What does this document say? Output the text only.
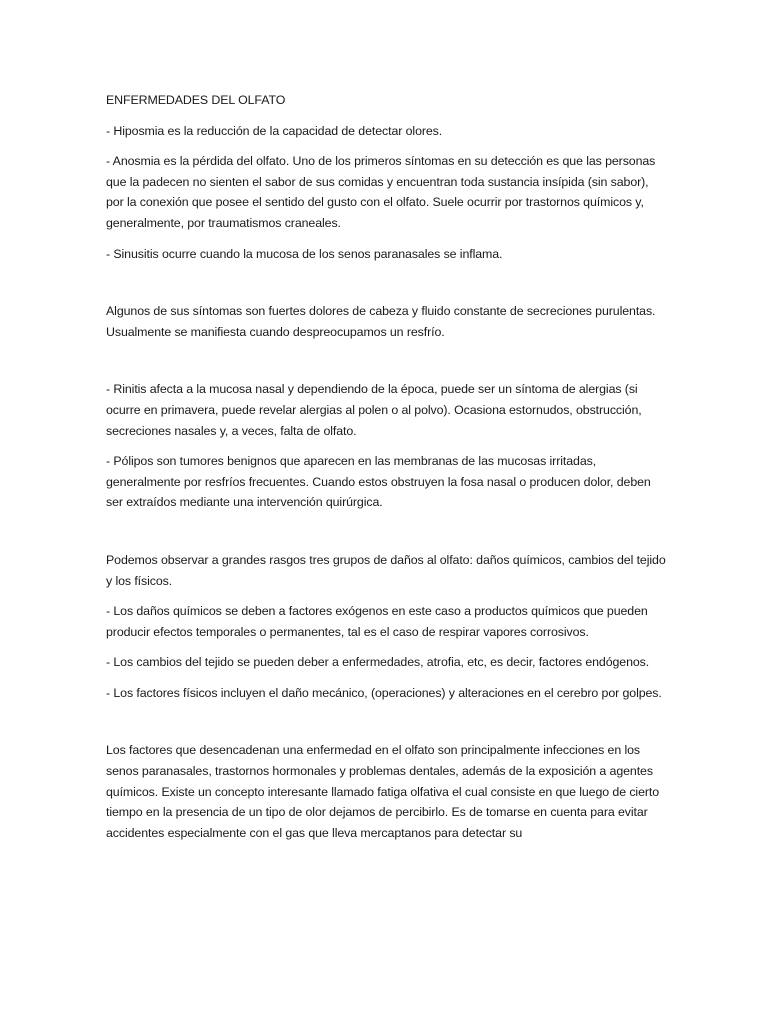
ENFERMEDADES DEL OLFATO

- Hiposmia es la reducción de la capacidad de detectar olores.

- Anosmia es la pérdida del olfato. Uno de los primeros síntomas en su detección es que las personas que la padecen no sienten el sabor de sus comidas y encuentran toda sustancia insípida (sin sabor), por la conexión que posee el sentido del gusto con el olfato. Suele ocurrir por trastornos químicos y, generalmente, por traumatismos craneales.

- Sinusitis ocurre cuando la mucosa de los senos paranasales se inflama.

Algunos de sus síntomas son fuertes dolores de cabeza y fluido constante de secreciones purulentas. Usualmente se manifiesta cuando despreocupamos un resfrío.

- Rinitis afecta a la mucosa nasal y dependiendo de la época, puede ser un síntoma de alergias (si ocurre en primavera, puede revelar alergias al polen o al polvo). Ocasiona estornudos, obstrucción, secreciones nasales y, a veces, falta de olfato.

- Pólipos son tumores benignos que aparecen en las membranas de las mucosas irritadas, generalmente por resfríos frecuentes. Cuando estos obstruyen la fosa nasal o producen dolor, deben ser extraídos mediante una intervención quirúrgica.

Podemos observar a grandes rasgos tres grupos de daños al olfato: daños químicos, cambios del tejido y los físicos.

- Los daños químicos se deben a factores exógenos en este caso a productos químicos que pueden producir efectos temporales o permanentes, tal es el caso de respirar vapores corrosivos.

- Los cambios del tejido se pueden deber a enfermedades, atrofia, etc, es decir, factores endógenos.

- Los factores físicos incluyen el daño mecánico, (operaciones) y alteraciones en el cerebro por golpes.

Los factores que desencadenan una enfermedad en el olfato son principalmente infecciones en los senos paranasales, trastornos hormonales y problemas dentales, además de la exposición a agentes químicos. Existe un concepto interesante llamado fatiga olfativa el cual consiste en que luego de cierto tiempo en la presencia de un tipo de olor dejamos de percibirlo. Es de tomarse en cuenta para evitar accidentes especialmente con el gas que lleva mercaptanos para detectar su
